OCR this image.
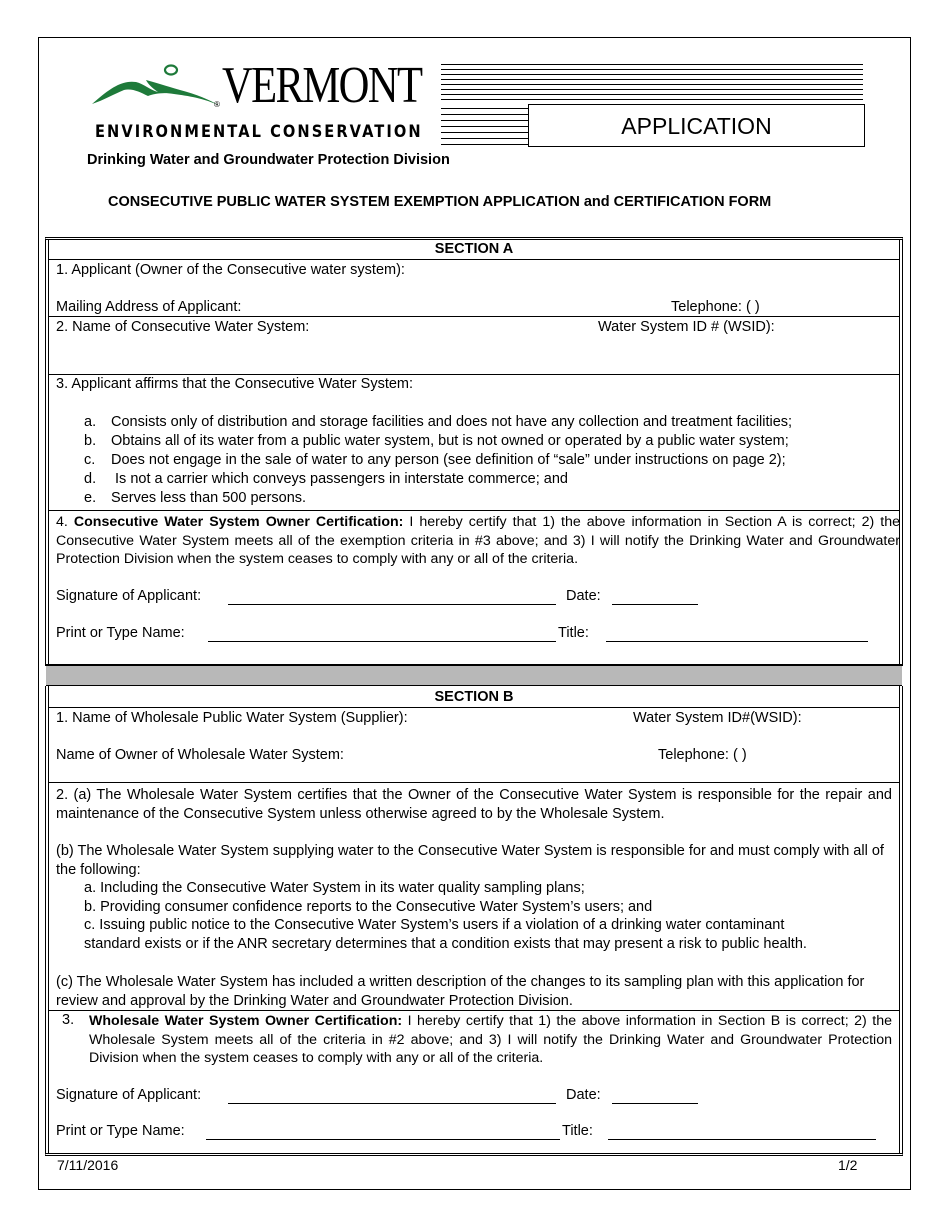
VERMONT
®
ENVIRONMENTAL CONSERVATION	APPLICATION
Drinking Water and Groundwater Protection Division
CONSECUTIVE PUBLIC WATER SYSTEM EXEMPTION APPLICATION and CERTIFICATION FORM
SECTION A
1. Applicant (Owner of the Consecutive water system):
Mailing Address of Applicant:	Telephone: ( )
2. Name of Consecutive Water System:	Water System ID # (WSID):
3. Applicant affirms that the Consecutive Water System:
a. Consists only of distribution and storage facilities and does not have any collection and treatment facilities;
b. Obtains all of its water from a public water system, but is not owned or operated by a public water system;
c. Does not engage in the sale of water to any person (see definition of “sale” under instructions on page 2);
d. Is not a carrier which conveys passengers in interstate commerce; and
e. Serves less than 500 persons.
4. Consecutive Water System Owner Certification: I hereby certify that 1) the above information in Section A is correct; 2) the Consecutive Water System meets all of the exemption criteria in #3 above; and 3) I will notify the Drinking Water and Groundwater Protection Division when the system ceases to comply with any or all of the criteria.
Signature of Applicant:	Date:
Print or Type Name:	Title:
SECTION B
1. Name of Wholesale Public Water System (Supplier):	Water System ID#(WSID):
Name of Owner of Wholesale Water System:	Telephone: ( )
2. (a) The Wholesale Water System certifies that the Owner of the Consecutive Water System is responsible for the repair and maintenance of the Consecutive System unless otherwise agreed to by the Wholesale System.
(b) The Wholesale Water System supplying water to the Consecutive Water System is responsible for and must comply with all of the following:
a. Including the Consecutive Water System in its water quality sampling plans;
b. Providing consumer confidence reports to the Consecutive Water System’s users; and
c. Issuing public notice to the Consecutive Water System’s users if a violation of a drinking water contaminant
standard exists or if the ANR secretary determines that a condition exists that may present a risk to public health.
(c) The Wholesale Water System has included a written description of the changes to its sampling plan with this application for review and approval by the Drinking Water and Groundwater Protection Division.
3. Wholesale Water System Owner Certification: I hereby certify that 1) the above information in Section B is correct; 2) the Wholesale System meets all of the criteria in #2 above; and 3) I will notify the Drinking Water and Groundwater Protection Division when the system ceases to comply with any or all of the criteria.
Signature of Applicant:	Date:
Print or Type Name:	Title:
7/11/2016	1/2
